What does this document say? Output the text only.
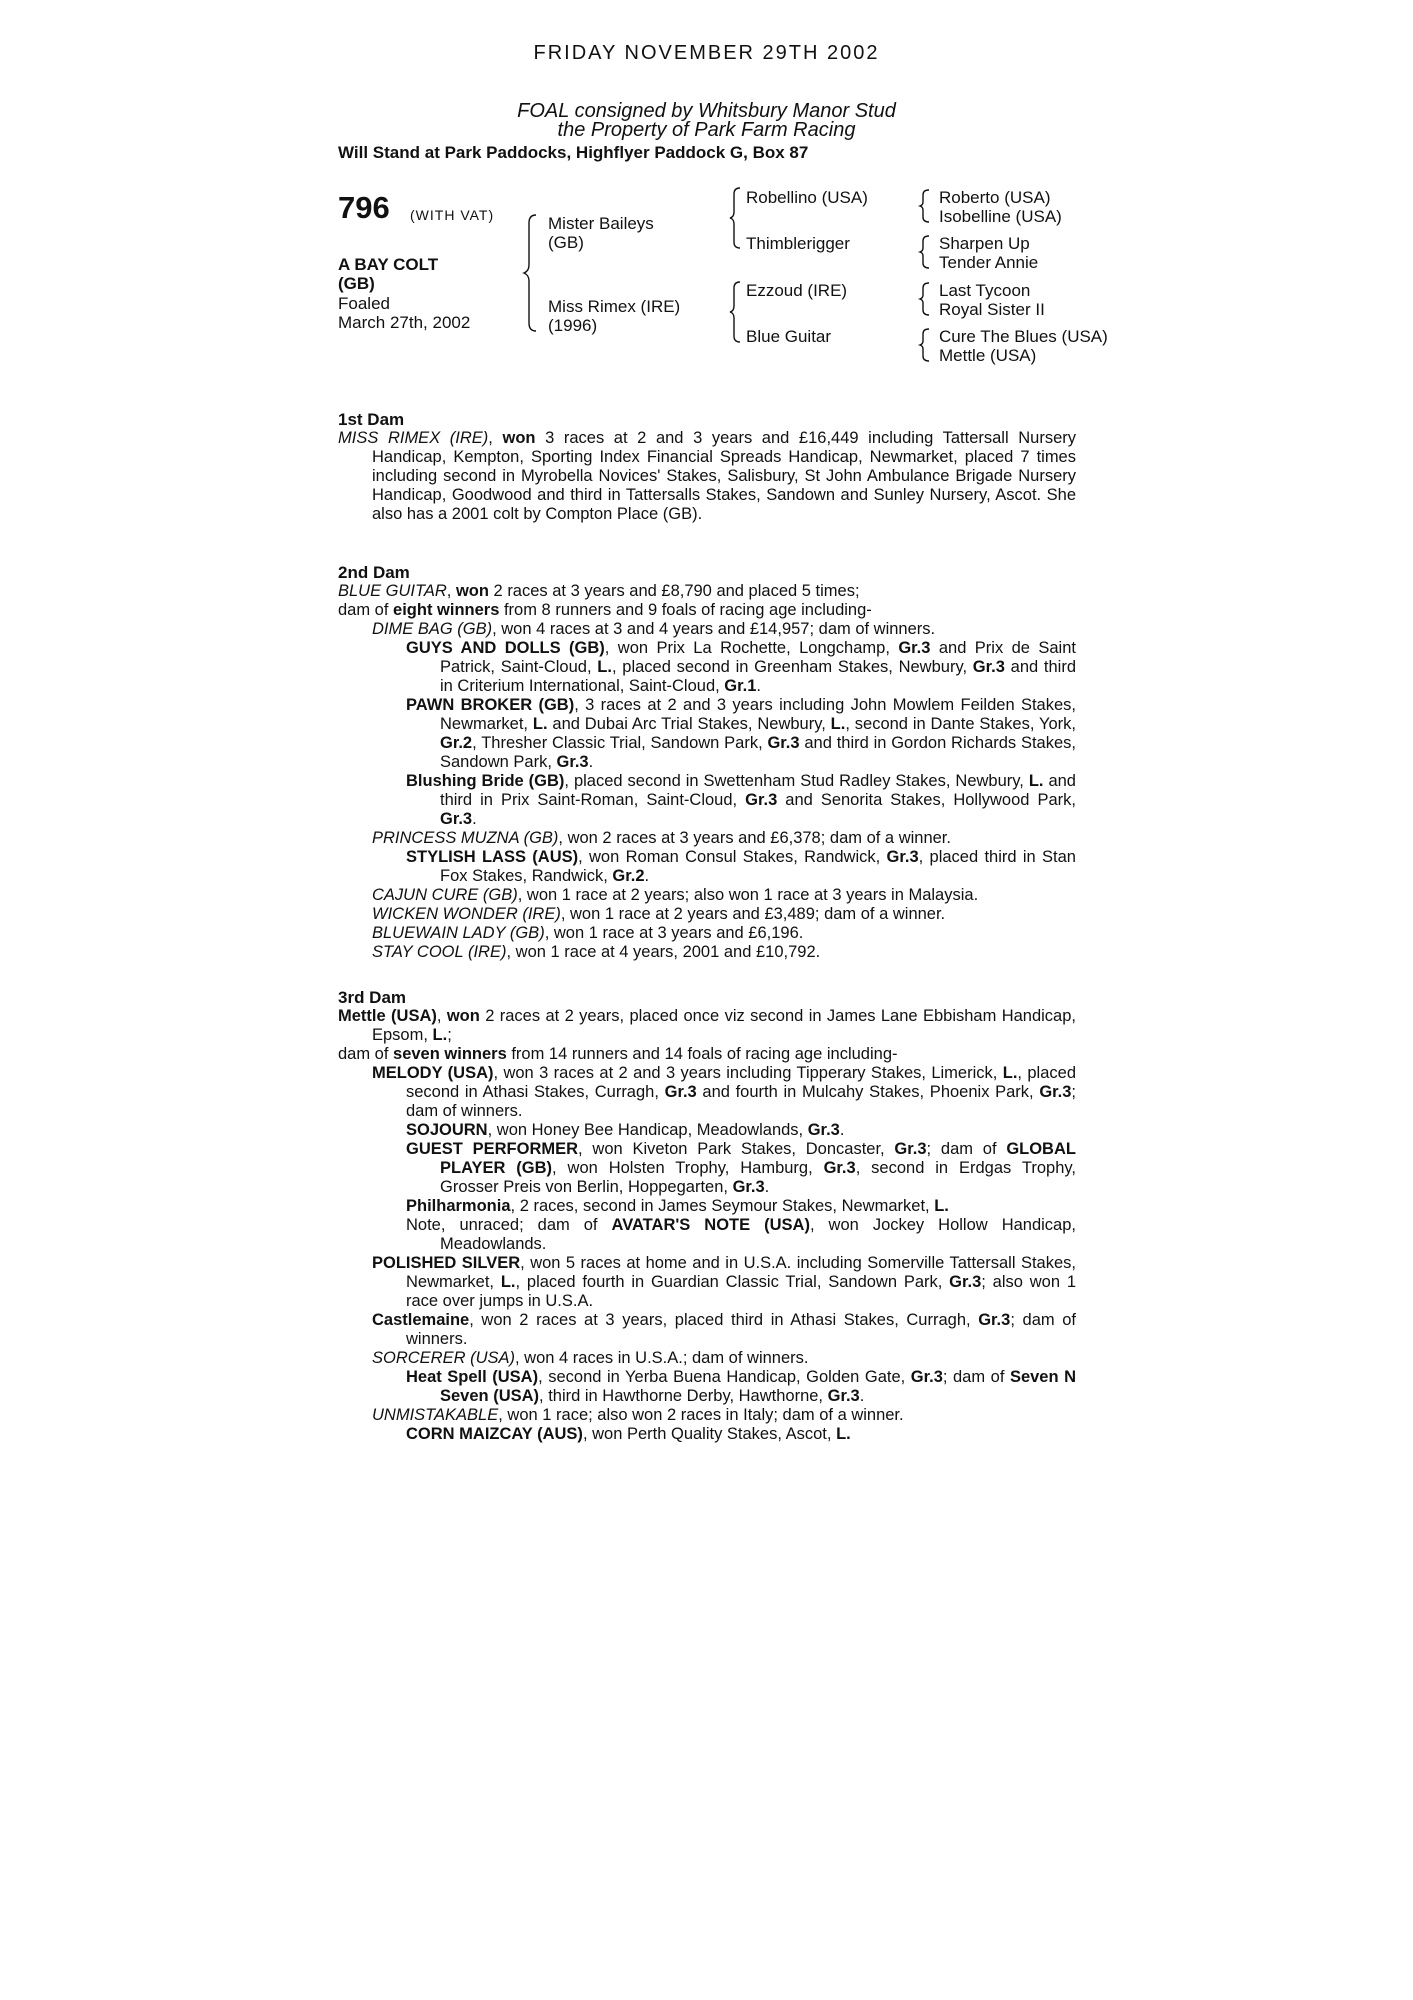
FRIDAY NOVEMBER 29TH 2002
FOAL consigned by Whitsbury Manor Stud
the Property of Park Farm Racing
Will Stand at Park Paddocks, Highflyer Paddock G, Box 87
796 (WITH VAT)
A BAY COLT
(GB)
Foaled
March 27th, 2002
Mister Baileys
(GB)
Miss Rimex (IRE)
(1996)
Robellino (USA)
Thimblerigger
Ezzoud (IRE)
Blue Guitar
Roberto (USA)
Isobelline (USA)
Sharpen Up
Tender Annie
Last Tycoon
Royal Sister II
Cure The Blues (USA)
Mettle (USA)
1st Dam
MISS RIMEX (IRE), won 3 races at 2 and 3 years and £16,449 including Tattersall Nursery Handicap, Kempton, Sporting Index Financial Spreads Handicap, Newmarket, placed 7 times including second in Myrobella Novices' Stakes, Salisbury, St John Ambulance Brigade Nursery Handicap, Goodwood and third in Tattersalls Stakes, Sandown and Sunley Nursery, Ascot. She also has a 2001 colt by Compton Place (GB).
2nd Dam
BLUE GUITAR, won 2 races at 3 years and £8,790 and placed 5 times;
dam of eight winners from 8 runners and 9 foals of racing age including-
DIME BAG (GB), won 4 races at 3 and 4 years and £14,957; dam of winners.
GUYS AND DOLLS (GB), won Prix La Rochette, Longchamp, Gr.3 and Prix de Saint Patrick, Saint-Cloud, L., placed second in Greenham Stakes, Newbury, Gr.3 and third in Criterium International, Saint-Cloud, Gr.1.
PAWN BROKER (GB), 3 races at 2 and 3 years including John Mowlem Feilden Stakes, Newmarket, L. and Dubai Arc Trial Stakes, Newbury, L., second in Dante Stakes, York, Gr.2, Thresher Classic Trial, Sandown Park, Gr.3 and third in Gordon Richards Stakes, Sandown Park, Gr.3.
Blushing Bride (GB), placed second in Swettenham Stud Radley Stakes, Newbury, L. and third in Prix Saint-Roman, Saint-Cloud, Gr.3 and Senorita Stakes, Hollywood Park, Gr.3.
PRINCESS MUZNA (GB), won 2 races at 3 years and £6,378; dam of a winner.
STYLISH LASS (AUS), won Roman Consul Stakes, Randwick, Gr.3, placed third in Stan Fox Stakes, Randwick, Gr.2.
CAJUN CURE (GB), won 1 race at 2 years; also won 1 race at 3 years in Malaysia.
WICKEN WONDER (IRE), won 1 race at 2 years and £3,489; dam of a winner.
BLUEWAIN LADY (GB), won 1 race at 3 years and £6,196.
STAY COOL (IRE), won 1 race at 4 years, 2001 and £10,792.
3rd Dam
Mettle (USA), won 2 races at 2 years, placed once viz second in James Lane Ebbisham Handicap, Epsom, L.;
dam of seven winners from 14 runners and 14 foals of racing age including-
MELODY (USA), won 3 races at 2 and 3 years including Tipperary Stakes, Limerick, L., placed second in Athasi Stakes, Curragh, Gr.3 and fourth in Mulcahy Stakes, Phoenix Park, Gr.3; dam of winners.
SOJOURN, won Honey Bee Handicap, Meadowlands, Gr.3.
GUEST PERFORMER, won Kiveton Park Stakes, Doncaster, Gr.3; dam of GLOBAL PLAYER (GB), won Holsten Trophy, Hamburg, Gr.3, second in Erdgas Trophy, Grosser Preis von Berlin, Hoppegarten, Gr.3.
Philharmonia, 2 races, second in James Seymour Stakes, Newmarket, L.
Note, unraced; dam of AVATAR'S NOTE (USA), won Jockey Hollow Handicap, Meadowlands.
POLISHED SILVER, won 5 races at home and in U.S.A. including Somerville Tattersall Stakes, Newmarket, L., placed fourth in Guardian Classic Trial, Sandown Park, Gr.3; also won 1 race over jumps in U.S.A.
Castlemaine, won 2 races at 3 years, placed third in Athasi Stakes, Curragh, Gr.3; dam of winners.
SORCERER (USA), won 4 races in U.S.A.; dam of winners.
Heat Spell (USA), second in Yerba Buena Handicap, Golden Gate, Gr.3; dam of Seven N Seven (USA), third in Hawthorne Derby, Hawthorne, Gr.3.
UNMISTAKABLE, won 1 race; also won 2 races in Italy; dam of a winner.
CORN MAIZCAY (AUS), won Perth Quality Stakes, Ascot, L.
